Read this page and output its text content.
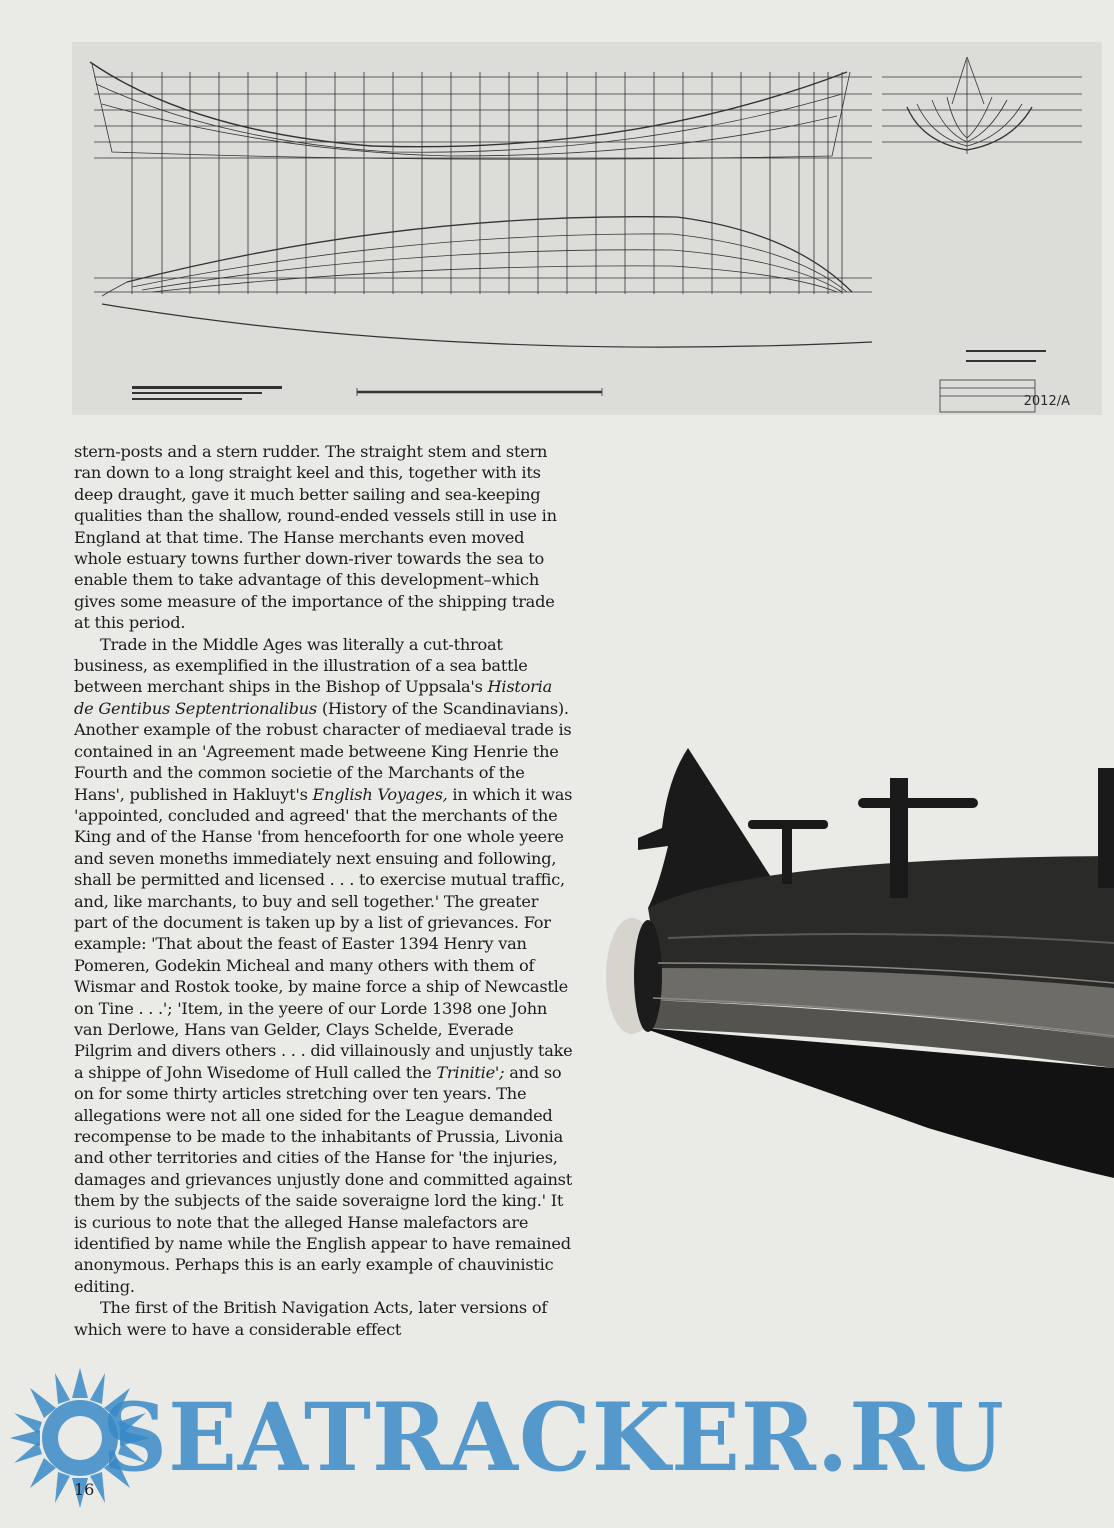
2012/A

stern-posts and a stern rudder. The straight stem and stern ran down to a long straight keel and this, together with its deep draught, gave it much better sailing and sea-keeping qualities than the shallow, round-ended vessels still in use in England at that time. The Hanse merchants even moved whole estuary towns further down-river towards the sea to enable them to take advantage of this development–which gives some measure of the importance of the shipping trade at this period.

Trade in the Middle Ages was literally a cut-throat business, as exemplified in the illustration of a sea battle between merchant ships in the Bishop of Uppsala's Historia de Gentibus Septentrionalibus (History of the Scandinavians). Another example of the robust character of mediaeval trade is contained in an 'Agreement made betweene King Henrie the Fourth and the common societie of the Marchants of the Hans', published in Hakluyt's English Voyages, in which it was 'appointed, concluded and agreed' that the merchants of the King and of the Hanse 'from hencefoorth for one whole yeere and seven moneths immediately next ensuing and following, shall be permitted and licensed . . . to exercise mutual traffic, and, like marchants, to buy and sell together.' The greater part of the document is taken up by a list of grievances. For example: 'That about the feast of Easter 1394 Henry van Pomeren, Godekin Micheal and many others with them of Wismar and Rostok tooke, by maine force a ship of Newcastle on Tine . . .'; 'Item, in the yeere of our Lorde 1398 one John van Derlowe, Hans van Gelder, Clays Schelde, Everade Pilgrim and divers others . . . did villainously and unjustly take a shippe of John Wisedome of Hull called the Trinitie'; and so on for some thirty articles stretching over ten years. The allegations were not all one sided for the League demanded recompense to be made to the inhabitants of Prussia, Livonia and other territories and cities of the Hanse for 'the injuries, damages and grievances unjustly done and committed against them by the subjects of the saide soveraigne lord the king.' It is curious to note that the alleged Hanse malefactors are identified by name while the English appear to have remained anonymous. Perhaps this is an early example of chauvinistic editing.

The first of the British Navigation Acts, later versions of which were to have a considerable effect

SEATRACKER.RU
16
